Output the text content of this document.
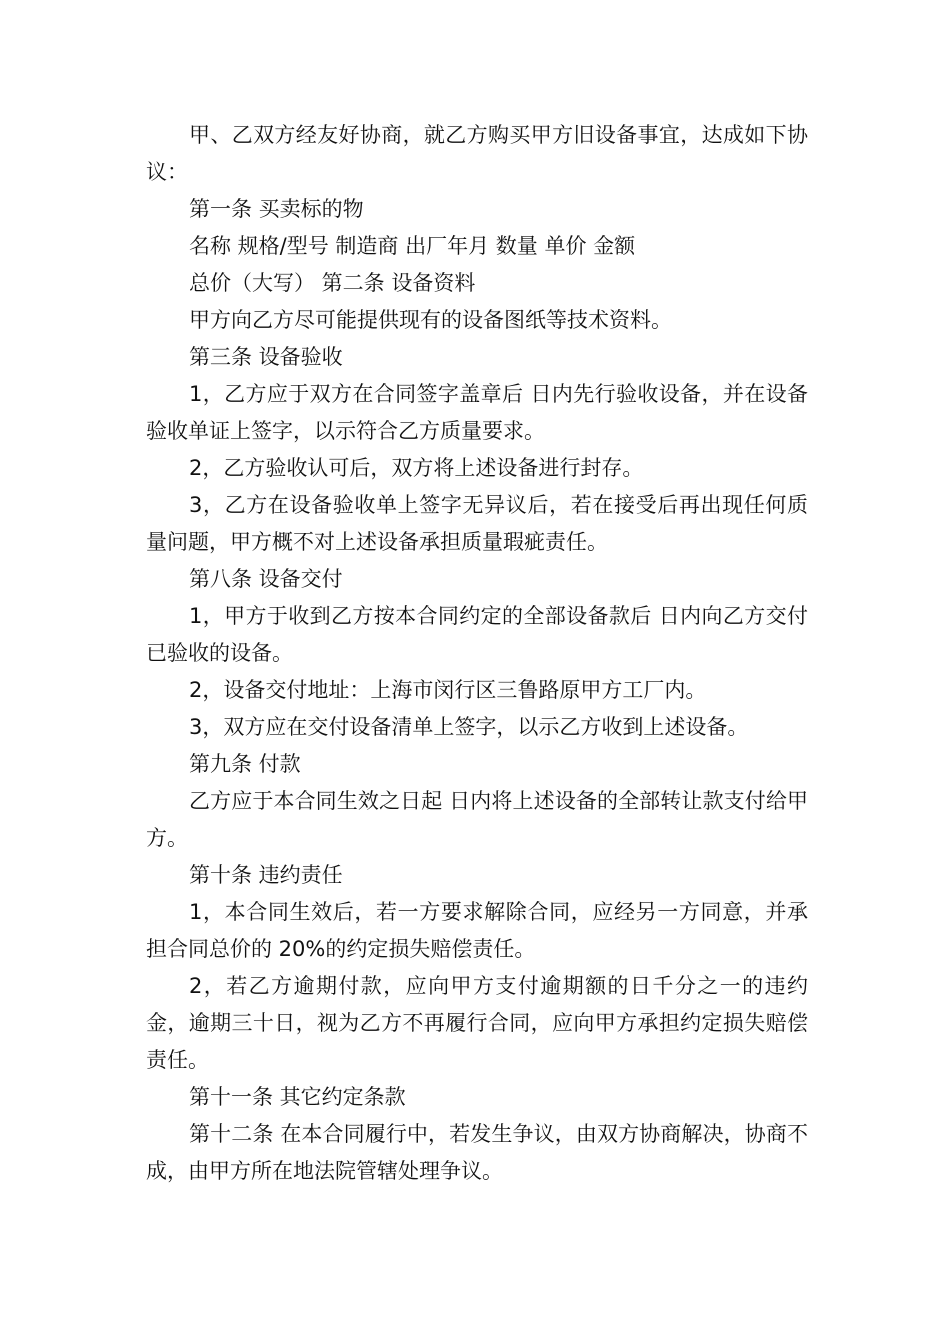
甲、乙双方经友好协商，就乙方购买甲方旧设备事宜，达成如下协议：

第一条 买卖标的物

名称 规格/型号 制造商 出厂年月 数量 单价 金额

总价（大写） 第二条 设备资料

甲方向乙方尽可能提供现有的设备图纸等技术资料。

第三条 设备验收

1，乙方应于双方在合同签字盖章后 日内先行验收设备，并在设备验收单证上签字，以示符合乙方质量要求。

2，乙方验收认可后，双方将上述设备进行封存。

3，乙方在设备验收单上签字无异议后，若在接受后再出现任何质量问题，甲方概不对上述设备承担质量瑕疵责任。

第八条 设备交付

1，甲方于收到乙方按本合同约定的全部设备款后 日内向乙方交付已验收的设备。

2，设备交付地址：上海市闵行区三鲁路原甲方工厂内。

3，双方应在交付设备清单上签字，以示乙方收到上述设备。

第九条 付款

乙方应于本合同生效之日起 日内将上述设备的全部转让款支付给甲方。

第十条 违约责任

1，本合同生效后，若一方要求解除合同，应经另一方同意，并承担合同总价的 20%的约定损失赔偿责任。

2，若乙方逾期付款，应向甲方支付逾期额的日千分之一的违约金，逾期三十日，视为乙方不再履行合同，应向甲方承担约定损失赔偿责任。

第十一条 其它约定条款

第十二条 在本合同履行中，若发生争议，由双方协商解决，协商不成，由甲方所在地法院管辖处理争议。
